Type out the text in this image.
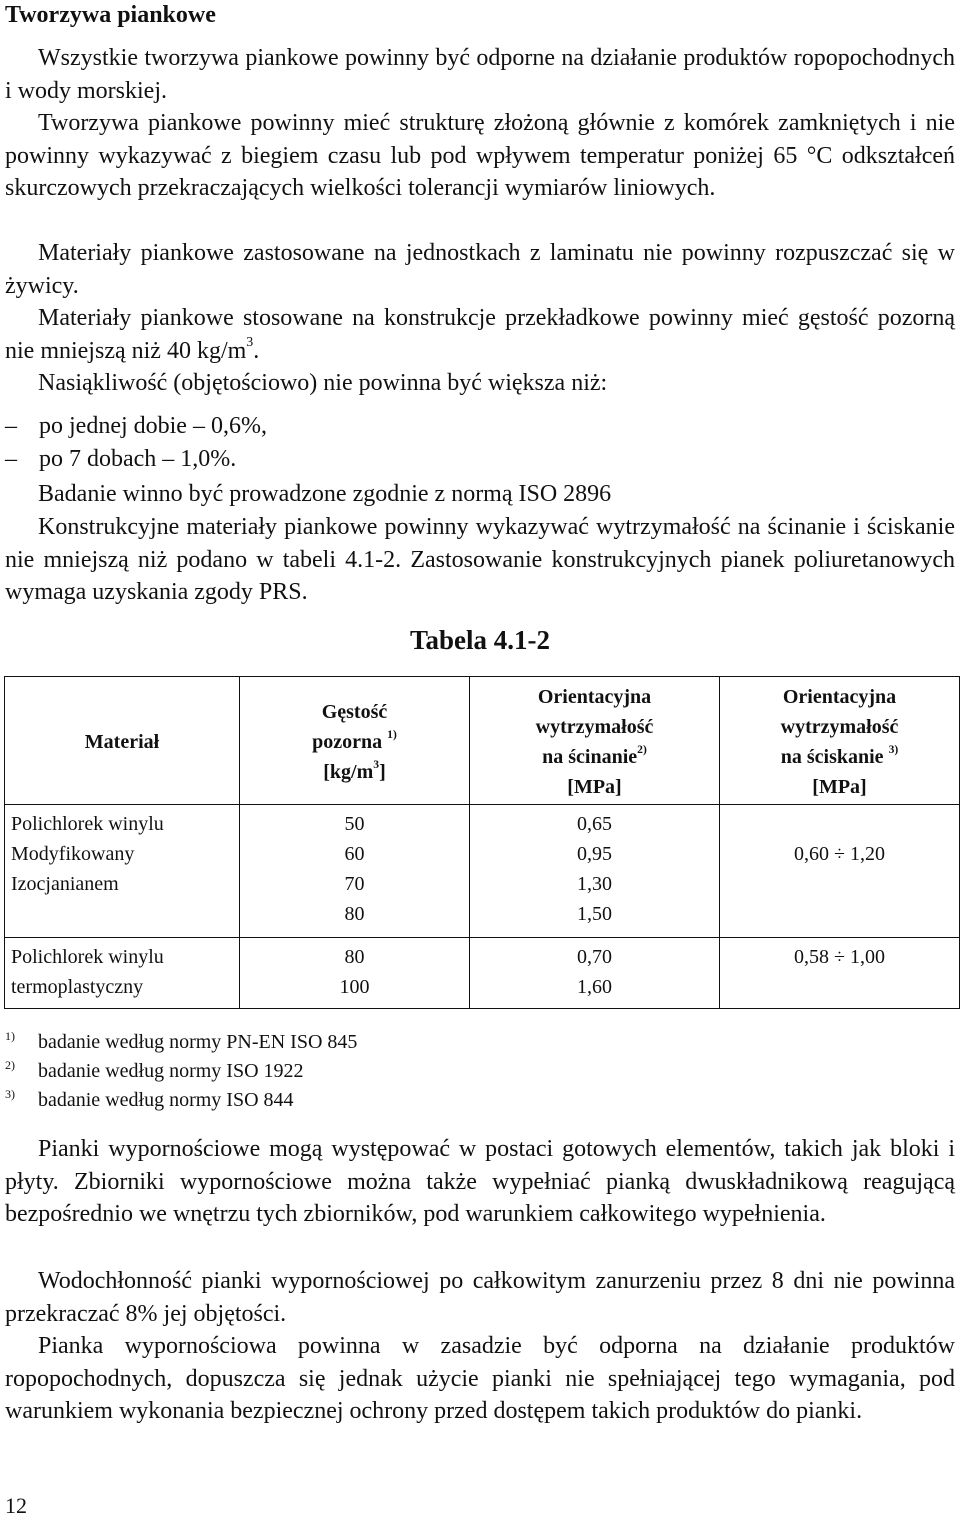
Tworzywa piankowe

Wszystkie tworzywa piankowe powinny być odporne na działanie produktów ropopochodnych i wody morskiej.

Tworzywa piankowe powinny mieć strukturę złożoną głównie z komórek zamkniętych i nie powinny wykazywać z biegiem czasu lub pod wpływem temperatur poniżej 65 °C odkształceń skurczowych przekraczających wielkości tolerancji wymiarów liniowych.

Materiały piankowe zastosowane na jednostkach z laminatu nie powinny rozpuszczać się w żywicy.

Materiały piankowe stosowane na konstrukcje przekładkowe powinny mieć gęstość pozorną nie mniejszą niż 40 $kg/m^3$.

Nasiąkliwość (objętościowo) nie powinna być większa niż:

– po jednej dobie – 0,6%,
– po 7 dobach – 1,0%.

Badanie winno być prowadzone zgodnie z normą ISO 2896

Konstrukcyjne materiały piankowe powinny wykazywać wytrzymałość na ścinanie i ściskanie nie mniejszą niż podano w tabeli 4.1-2. Zastosowanie konstrukcyjnych pianek poliuretanowych wymaga uzyskania zgody PRS.

Tabela 4.1-2
Materiał	Gęstość
pozorna $^{1)}$
$[kg/m^3]$	Orientacyjna
wytrzymałość
na ścinanie$^{2)}$
[MPa]	Orientacyjna
wytrzymałość
na ściskanie $^{3)}$
[MPa]

Polichlorek winylu
Modyfikowany
Izocjanianem	50
60
70
80	0,65
0,95
1,30
1,50	0,60 ÷ 1,20

Polichlorek winylu
termoplastyczny	80
100	0,70
1,60	0,58 ÷ 1,00
1) badanie według normy PN-EN ISO 845
2) badanie według normy ISO 1922
3) badanie według normy ISO 844

Pianki wypornościowe mogą występować w postaci gotowych elementów, takich jak bloki i płyty. Zbiorniki wypornościowe można także wypełniać pianką dwuskładnikową reagującą bezpośrednio we wnętrzu tych zbiorników, pod warunkiem całkowitego wypełnienia.

Wodochłonność pianki wypornościowej po całkowitym zanurzeniu przez 8 dni nie powinna przekraczać 8% jej objętości.

Pianka wypornościowa powinna w zasadzie być odporna na działanie produktów ropopochodnych, dopuszcza się jednak użycie pianki nie spełniającej tego wymagania, pod warunkiem wykonania bezpiecznej ochrony przed dostępem takich produktów do pianki.

12
